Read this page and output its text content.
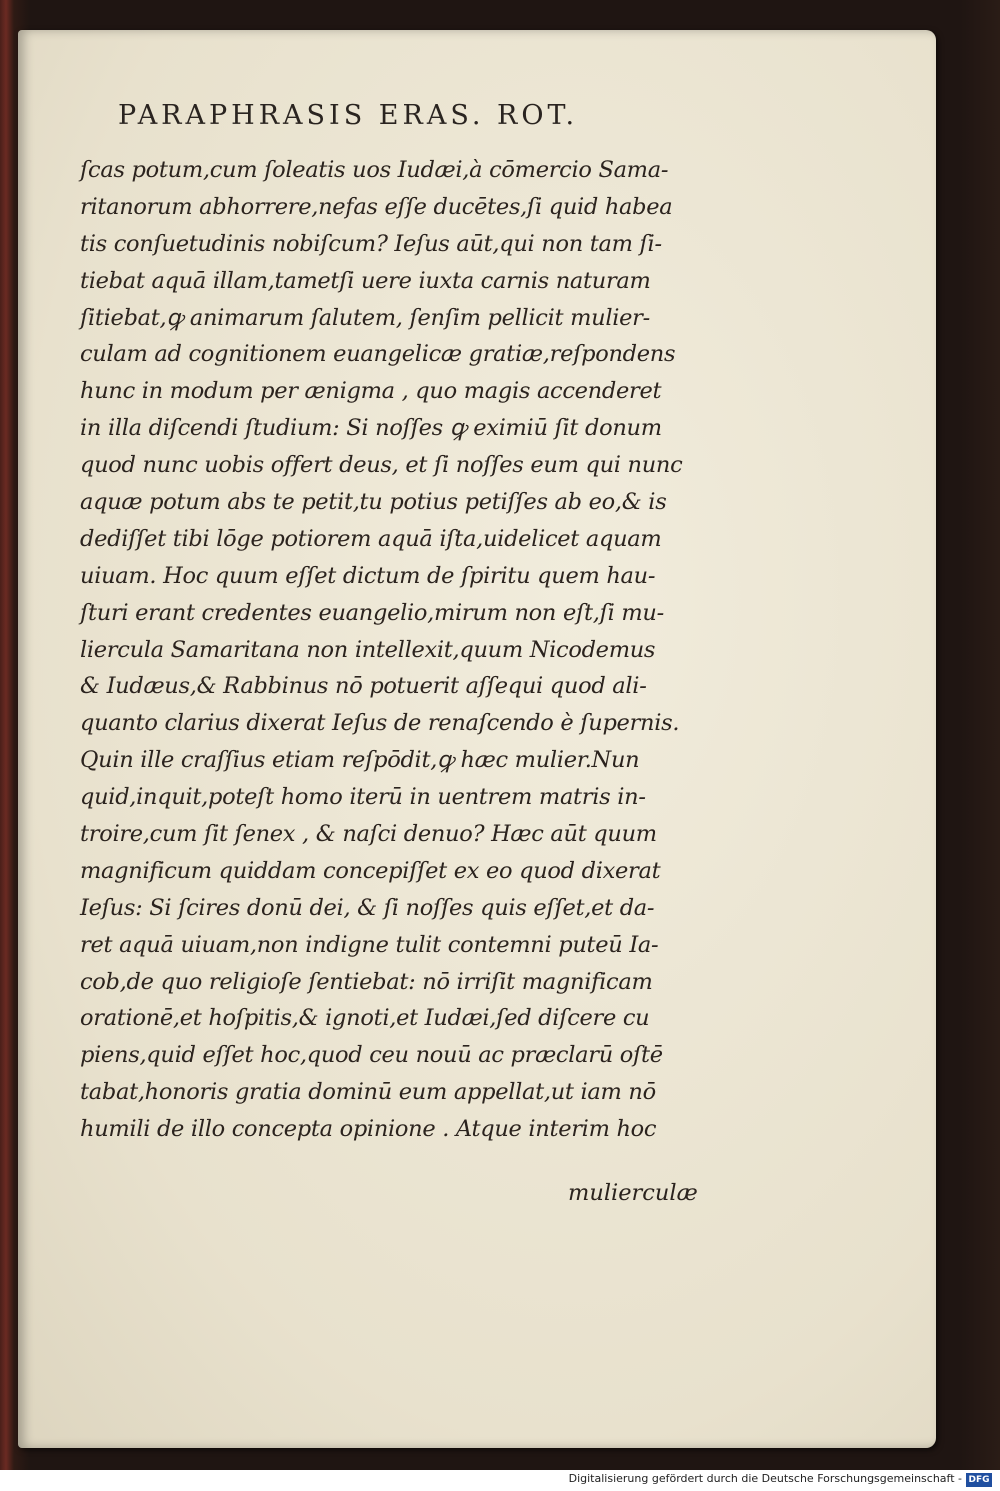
PARAPHRASIS ERAS. ROT.
ſcas potum,cum ſoleatis uos Iudæi,à cōmercio Sama-
ritanorum abhorrere,nefas eſſe ducētes,ſi quid habea
tis conſuetudinis nobiſcum? Ieſus aūt,qui non tam ſi-
tiebat aquā illam,tametſi uere iuxta carnis naturam
ſitiebat,ꝙ animarum ſalutem, ſenſim pellicit mulier-
culam ad cognitionem euangelicæ gratiæ,reſpondens
hunc in modum per ænigma , quo magis accenderet
in illa diſcendi ſtudium: Si noſſes ꝙ eximiū ſit donum
quod nunc uobis offert deus, et ſi noſſes eum qui nunc
aquæ potum abs te petit,tu potius petiſſes ab eo,& is
dediſſet tibi lōge potiorem aquā iſta,uidelicet aquam
uiuam. Hoc quum eſſet dictum de ſpiritu quem hau-
ſturi erant credentes euangelio,mirum non eſt,ſi mu-
liercula Samaritana non intellexit,quum Nicodemus
& Iudæus,& Rabbinus nō potuerit aſſequi quod ali-
quanto clarius dixerat Ieſus de renaſcendo è ſupernis.
Quin ille craſſius etiam reſpōdit,ꝙ hæc mulier.Nun
quid,inquit,poteſt homo iterū in uentrem matris in-
troire,cum ſit ſenex , & naſci denuo? Hæc aūt quum
magnificum quiddam concepiſſet ex eo quod dixerat
Ieſus: Si ſcires donū dei, & ſi noſſes quis eſſet,et da-
ret aquā uiuam,non indigne tulit contemni puteū Ia-
cob,de quo religioſe ſentiebat: nō irriſit magnificam
orationē,et hoſpitis,& ignoti,et Iudæi,ſed diſcere cu
piens,quid eſſet hoc,quod ceu nouū ac præclarū oſtē
tabat,honoris gratia dominū eum appellat,ut iam nō
humili de illo concepta opinione . Atque interim hoc
mulierculæ
Digitalisierung gefördert durch die Deutsche Forschungsgemeinschaft - DFG
